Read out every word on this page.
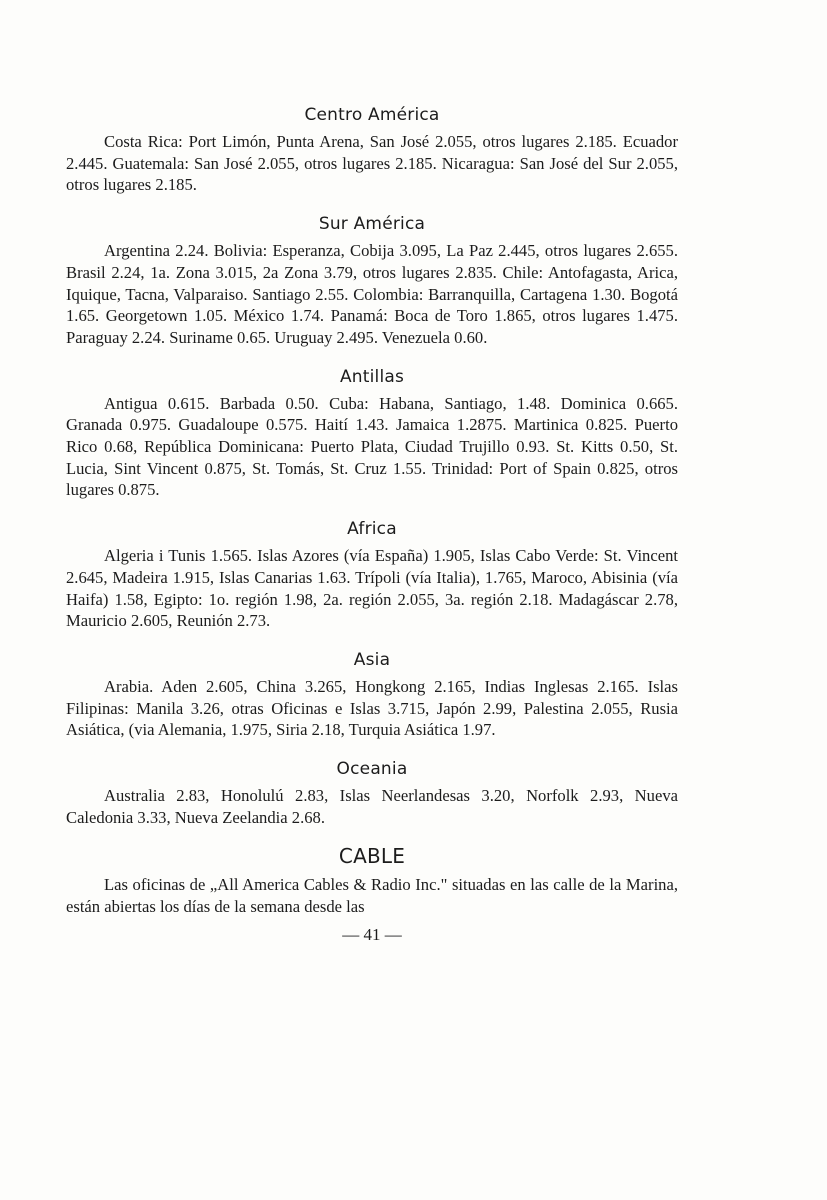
Centro América

Costa Rica: Port Limón, Punta Arena, San José 2.055, otros lugares 2.185. Ecuador 2.445. Guatemala: San José 2.055, otros lugares 2.185. Nicaragua: San José del Sur 2.055, otros lugares 2.185.

Sur América

Argentina 2.24. Bolivia: Esperanza, Cobija 3.095, La Paz 2.445, otros lugares 2.655. Brasil 2.24, 1a. Zona 3.015, 2a Zona 3.79, otros lugares 2.835. Chile: Antofagasta, Arica, Iquique, Tacna, Valparaiso. Santiago 2.55. Colombia: Barranquilla, Cartagena 1.30. Bogotá 1.65. Georgetown 1.05. México 1.74. Panamá: Boca de Toro 1.865, otros lugares 1.475. Paraguay 2.24. Suriname 0.65. Uruguay 2.495. Venezuela 0.60.

Antillas

Antigua 0.615. Barbada 0.50. Cuba: Habana, Santiago, 1.48. Dominica 0.665. Granada 0.975. Guadaloupe 0.575. Haití 1.43. Jamaica 1.2875. Martinica 0.825. Puerto Rico 0.68, República Dominicana: Puerto Plata, Ciudad Trujillo 0.93. St. Kitts 0.50, St. Lucia, Sint Vincent 0.875, St. Tomás, St. Cruz 1.55. Trinidad: Port of Spain 0.825, otros lugares 0.875.

Africa

Algeria i Tunis 1.565. Islas Azores (vía España) 1.905, Islas Cabo Verde: St. Vincent 2.645, Madeira 1.915, Islas Canarias 1.63. Trípoli (vía Italia), 1.765, Maroco, Abisinia (vía Haifa) 1.58, Egipto: 1o. región 1.98, 2a. región 2.055, 3a. región 2.18. Madagáscar 2.78, Mauricio 2.605, Reunión 2.73.

Asia

Arabia. Aden 2.605, China 3.265, Hongkong 2.165, Indias Inglesas 2.165. Islas Filipinas: Manila 3.26, otras Oficinas e Islas 3.715, Japón 2.99, Palestina 2.055, Rusia Asiática, (via Alemania, 1.975, Siria 2.18, Turquia Asiática 1.97.

Oceania

Australia 2.83, Honolulú 2.83, Islas Neerlandesas 3.20, Norfolk 2.93, Nueva Caledonia 3.33, Nueva Zeelandia 2.68.

CABLE

Las oficinas de „All America Cables & Radio Inc." situadas en las calle de la Marina, están abiertas los días de la semana desde las

— 41 —
